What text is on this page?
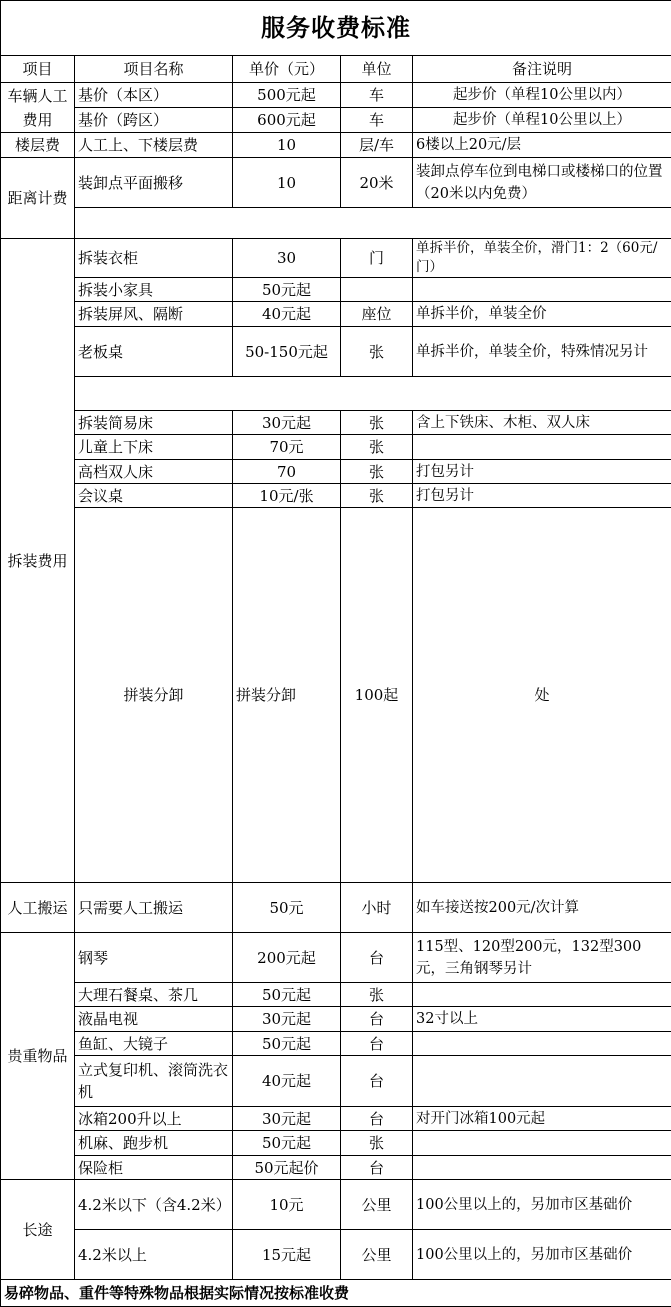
服务收费标准					
项目	项目名称	单价（元）	单位	备注说明	
车辆人工费用	基价（本区）	500元起	车	起步价（单程10公里以内）	
	基价（跨区）	600元起	车	起步价（单程10公里以上）	
楼层费	人工上、下楼层费	10	层/车	6楼以上20元/层	
距离计费	装卸点平面搬移	10	20米	装卸点停车位到电梯口或楼梯口的位置（20米以内免费）	

拆装费用	拆装衣柜	30	门	单拆半价，单装全价，滑门1：2（60元/门）	
	拆装小家具	50元起			
	拆装屏风、隔断	40元起	座位	单拆半价，单装全价	
	老板桌	50-150元起	张	单拆半价，单装全价，特殊情况另计	

	拆装简易床	30元起	张	含上下铁床、木柜、双人床	
	儿童上下床	70元	张		
	高档双人床	70	张	打包另计	
	会议桌	10元/张	张	打包另计	
	拼装分卸	拼装分卸	100起	处	
人工搬运	只需要人工搬运	50元	小时	如车接送按200元/次计算	
贵重物品	钢琴	200元起	台	115型、120型200元，132型300元，三角钢琴另计	
	大理石餐桌、茶几	50元起	张		
	液晶电视	30元起	台	32寸以上	
	鱼缸、大镜子	50元起	台		
	立式复印机、滚筒洗衣机	40元起	台		
	冰箱200升以上	30元起	台	对开门冰箱100元起	
	机麻、跑步机	50元起	张		
	保险柜	50元起价	台		
长途	4.2米以下（含4.2米）	10元	公里	100公里以上的，另加市区基础价	
	4.2米以上	15元起	公里	100公里以上的，另加市区基础价	
易碎物品、重件等特殊物品根据实际情况按标准收费					
